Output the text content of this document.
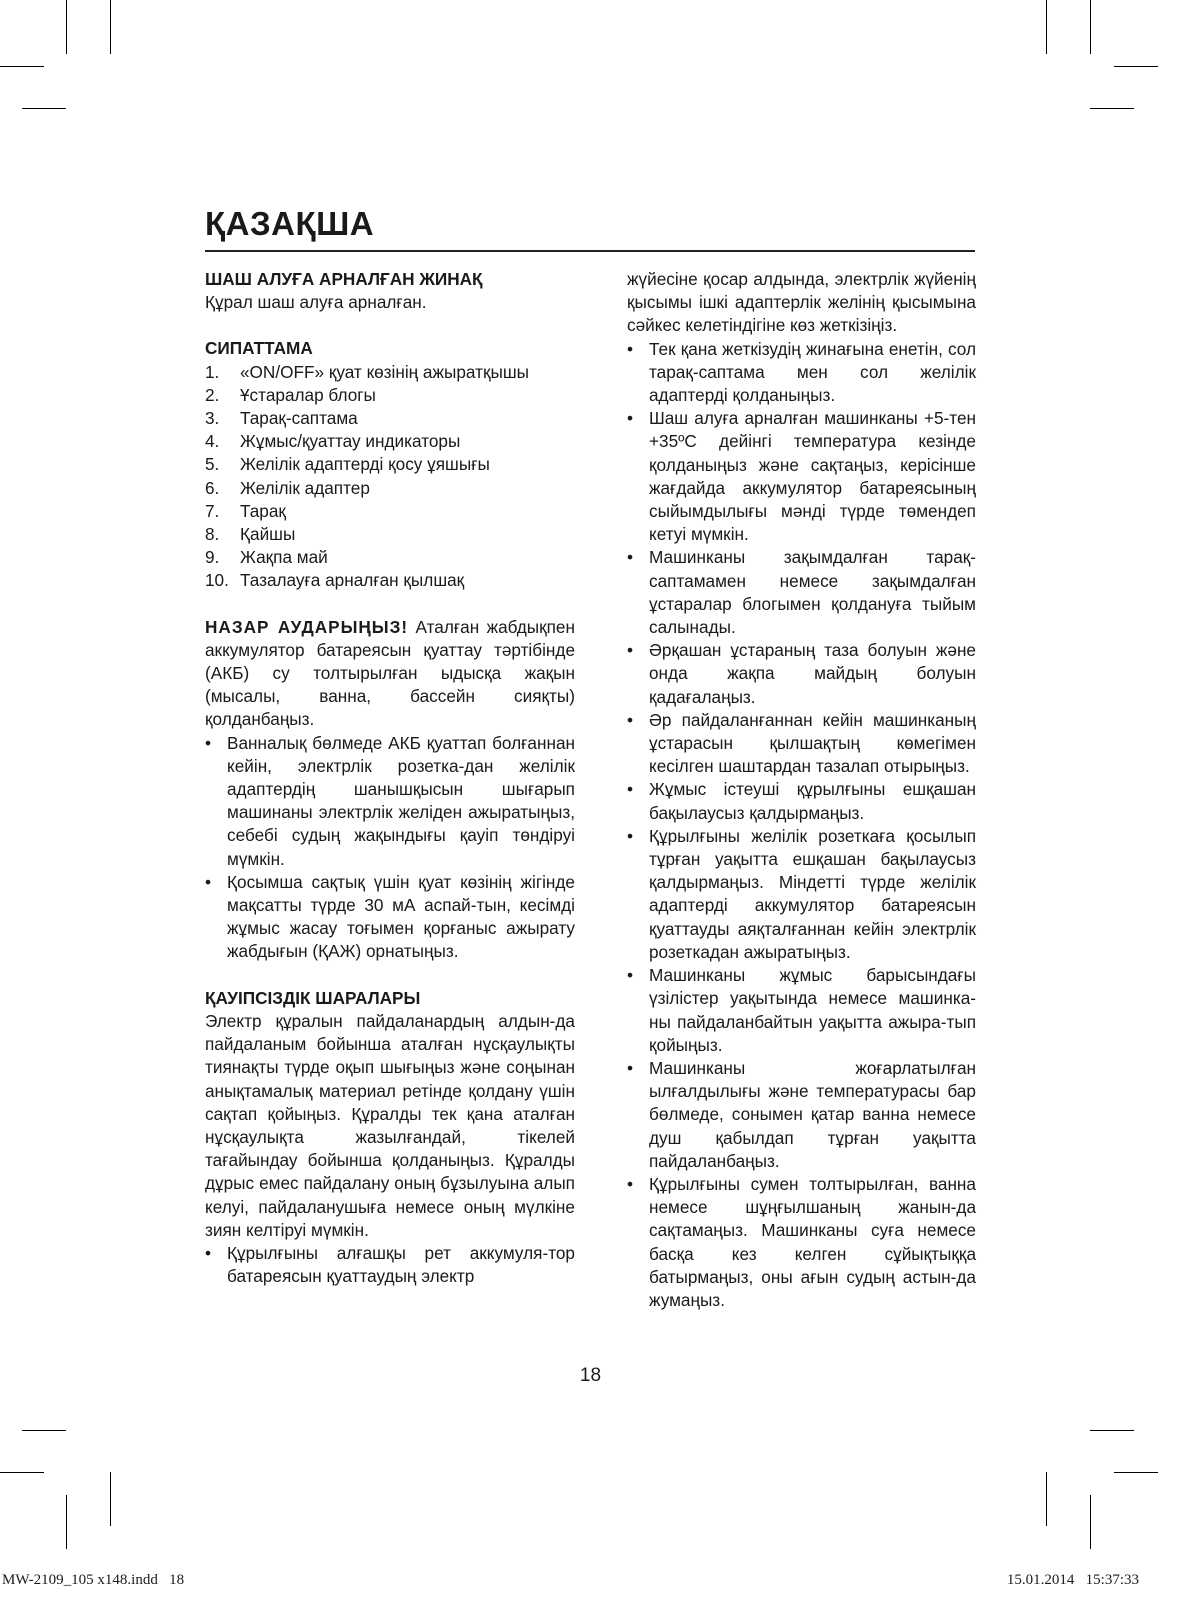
ҚАЗАҚША
ШАШ АЛУҒА АРНАЛҒАН ЖИНАҚ

Құрал шаш алуға арналған.

СИПАТТАМА
1.	«ON/OFF» қуат көзінің ажыратқышы
2.	Ұстаралар блогы
3.	Тарақ-саптама
4.	Жұмыс/қуаттау индикаторы
5.	Желілік адаптерді қосу ұяшығы
6.	Желілік адаптер
7.	Тарақ
8.	Қайшы
9.	Жақпа май
10. Тазалауға арналған қылшақ

НАЗАР АУДАРЫҢЫЗ! Аталған жабдықпен аккумулятор батареясын қуаттау тәртібінде (АКБ) су толтырылған ыдысқа жақын (мысалы, ванна, бассейн сияқты) қолданбаңыз.

• Ванналық бөлмеде АКБ қуаттап болғаннан кейін, электрлік розетка-дан желілік адаптердің шанышқысын шығарып машинаны электрлік желіден ажыратыңыз, себебі судың жақындығы қауіп төндіруі мүмкін.
• Қосымша сақтық үшін қуат көзінің жігінде мақсатты түрде 30 мА аспай-тын, кесімді жұмыс жасау тоғымен қорғаныс ажырату жабдығын (ҚАЖ) орнатыңыз.
ҚАУІПСІЗДІК ШАРАЛАРЫ

Электр құралын пайдаланардың алдын-да пайдаланым бойынша аталған нұсқаулықты тиянақты түрде оқып шығыңыз және соңынан анықтамалық материал ретінде қолдану үшін сақтап қойыңыз. Құралды тек қана аталған нұсқаулықта жазылғандай, тікелей тағайындау бойынша қолданыңыз. Құралды дұрыс емес пайдалану оның бұзылуына алып келуі, пайдаланушыға немесе оның мүлкіне зиян келтіруі мүмкін.

• Құрылғыны алғашқы рет аккумуля-тор батареясын қуаттаудың электр

жүйесіне қосар алдында, электрлік жүйенің қысымы ішкі адаптерлік желінің қысымына сәйкес келетіндігіне көз жеткізіңіз.

• Тек қана жеткізудің жинағына енетін, сол тарақ-саптама мен сол желілік адаптерді қолданыңыз.
• Шаш алуға арналған машинканы +5-тен +35ºС дейінгі температура кезінде қолданыңыз және сақтаңыз, керісінше жағдайда аккумулятор батареясының сыйымдылығы мәнді түрде төмендеп кетуі мүмкін.
• Машинканы зақымдалған тарақ-саптамамен немесе зақымдалған ұстаралар блогымен қолдануға тыйым салынады.
• Әрқашан ұстараның таза болуын және онда жақпа майдың болуын қадағалаңыз.
• Әр пайдаланғаннан кейін машинканың ұстарасын қылшақтың көмегімен кесілген шаштардан тазалап отырыңыз.
• Жұмыс істеуші құрылғыны ешқашан бақылаусыз қалдырмаңыз.
• Құрылғыны желілік розеткаға қосылып тұрған уақытта ешқашан бақылаусыз қалдырмаңыз. Міндетті түрде желілік адаптерді аккумулятор батареясын қуаттауды аяқталғаннан кейін электрлік розеткадан ажыратыңыз.
• Машинканы жұмыс барысындағы үзілістер уақытында немесе машинка-ны пайдаланбайтын уақытта ажыра-тып қойыңыз.
• Машинканы жоғарлатылған ылғалдылығы және температурасы бар бөлмеде, сонымен қатар ванна немесе душ қабылдап тұрған уақытта пайдаланбаңыз.
• Құрылғыны сумен толтырылған, ванна немесе шұңғылшаның жанын-да сақтамаңыз. Машинканы суға немесе басқа кез келген сұйықтыққа батырмаңыз, оны ағын судың астын-да жумаңыз.
18
MW-2109_105 x148.indd   18	15.01.2014   15:37:33
